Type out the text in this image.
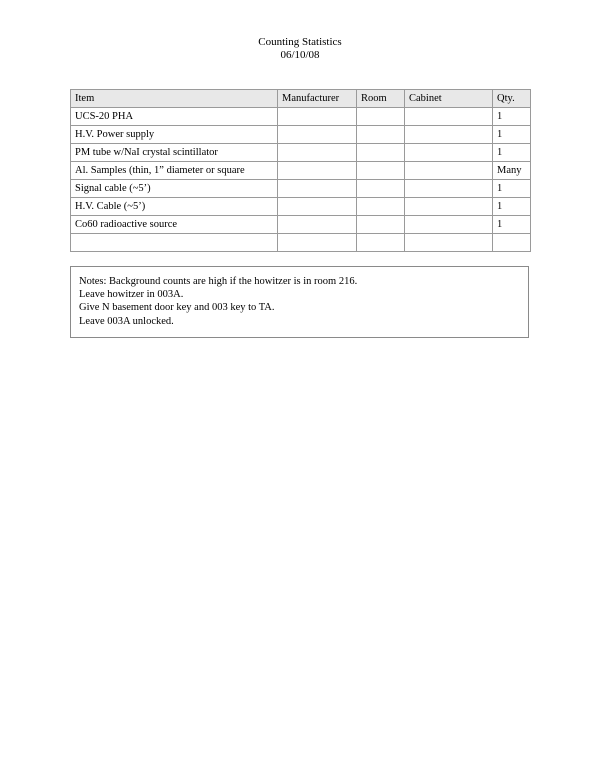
Counting Statistics
06/10/08
Item	Manufacturer	Room	Cabinet	Qty.
UCS-20 PHA				1
H.V. Power supply				1
PM tube w/NaI crystal scintillator				1
Al. Samples (thin, 1” diameter or square				Many
Signal cable (~5’)				1
H.V. Cable (~5’)				1
Co60 radioactive source				1

Notes: Background counts are high if the howitzer is in room 216.
Leave howitzer in 003A.
Give N basement door key and 003 key to TA.
Leave 003A unlocked.
